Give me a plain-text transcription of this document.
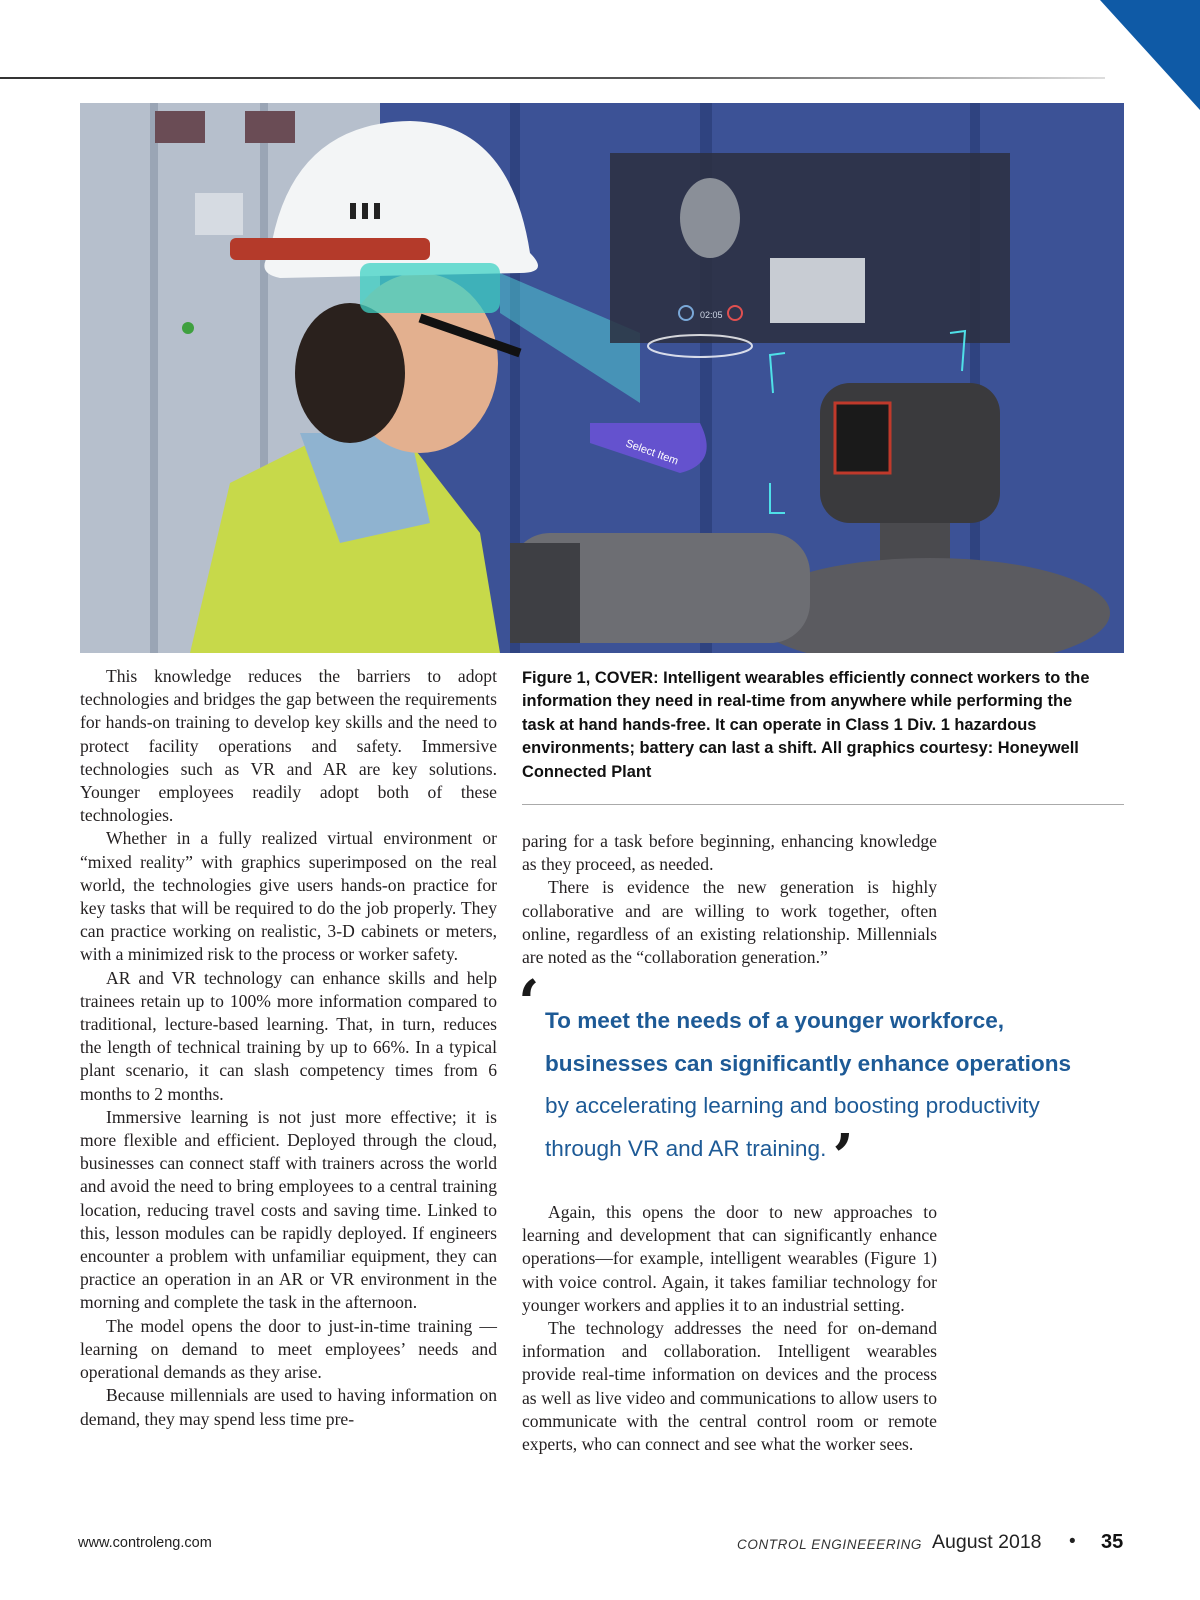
02:05
Select Item

This knowledge reduces the barriers to adopt technologies and bridges the gap between the requirements for hands-on training to develop key skills and the need to protect facility operations and safety. Immersive technologies such as VR and AR are key solutions. Younger employees readily adopt both of these technologies.

Whether in a fully realized virtual environment or “mixed reality” with graphics superimposed on the real world, the technologies give users hands-on practice for key tasks that will be required to do the job properly. They can practice working on realistic, 3-D cabinets or meters, with a minimized risk to the process or worker safety.

AR and VR technology can enhance skills and help trainees retain up to 100% more information compared to traditional, lecture-based learning. That, in turn, reduces the length of technical training by up to 66%. In a typical plant scenario, it can slash competency times from 6 months to 2 months.

Immersive learning is not just more effective; it is more flexible and efficient. Deployed through the cloud, businesses can connect staff with trainers across the world and avoid the need to bring employees to a central training location, reducing travel costs and saving time. Linked to this, lesson modules can be rapidly deployed. If engineers encounter a problem with unfamiliar equipment, they can practice an operation in an AR or VR environment in the morning and complete the task in the afternoon.

The model opens the door to just-in-time training — learning on demand to meet employees’ needs and operational demands as they arise.

Because millennials are used to having information on demand, they may spend less time pre-

Figure 1, COVER: Intelligent wearables efficiently connect workers to the information they need in real-time from anywhere while performing the task at hand hands-free. It can operate in Class 1 Div. 1 hazardous environments; battery can last a shift. All graphics courtesy: Honeywell Connected Plant

paring for a task before beginning, enhancing knowledge as they proceed, as needed.

There is evidence the new generation is highly collaborative and are willing to work together, often online, regardless of an existing relationship. Millennials are noted as the “collaboration generation.”

‘ To meet the needs of a younger workforce,
businesses can significantly enhance operations
by accelerating learning and boosting productivity
through VR and AR training.’

Again, this opens the door to new approaches to learning and development that can significantly enhance operations—for example, intelligent wearables (Figure 1) with voice control. Again, it takes familiar technology for younger workers and applies it to an industrial setting.

The technology addresses the need for on-demand information and collaboration. Intelligent wearables provide real-time information on devices and the process as well as live video and communications to allow users to communicate with the central control room or remote experts, who can connect and see what the worker sees.

www.controleng.com	CONTROL ENGINEEERING August 2018 • 35
